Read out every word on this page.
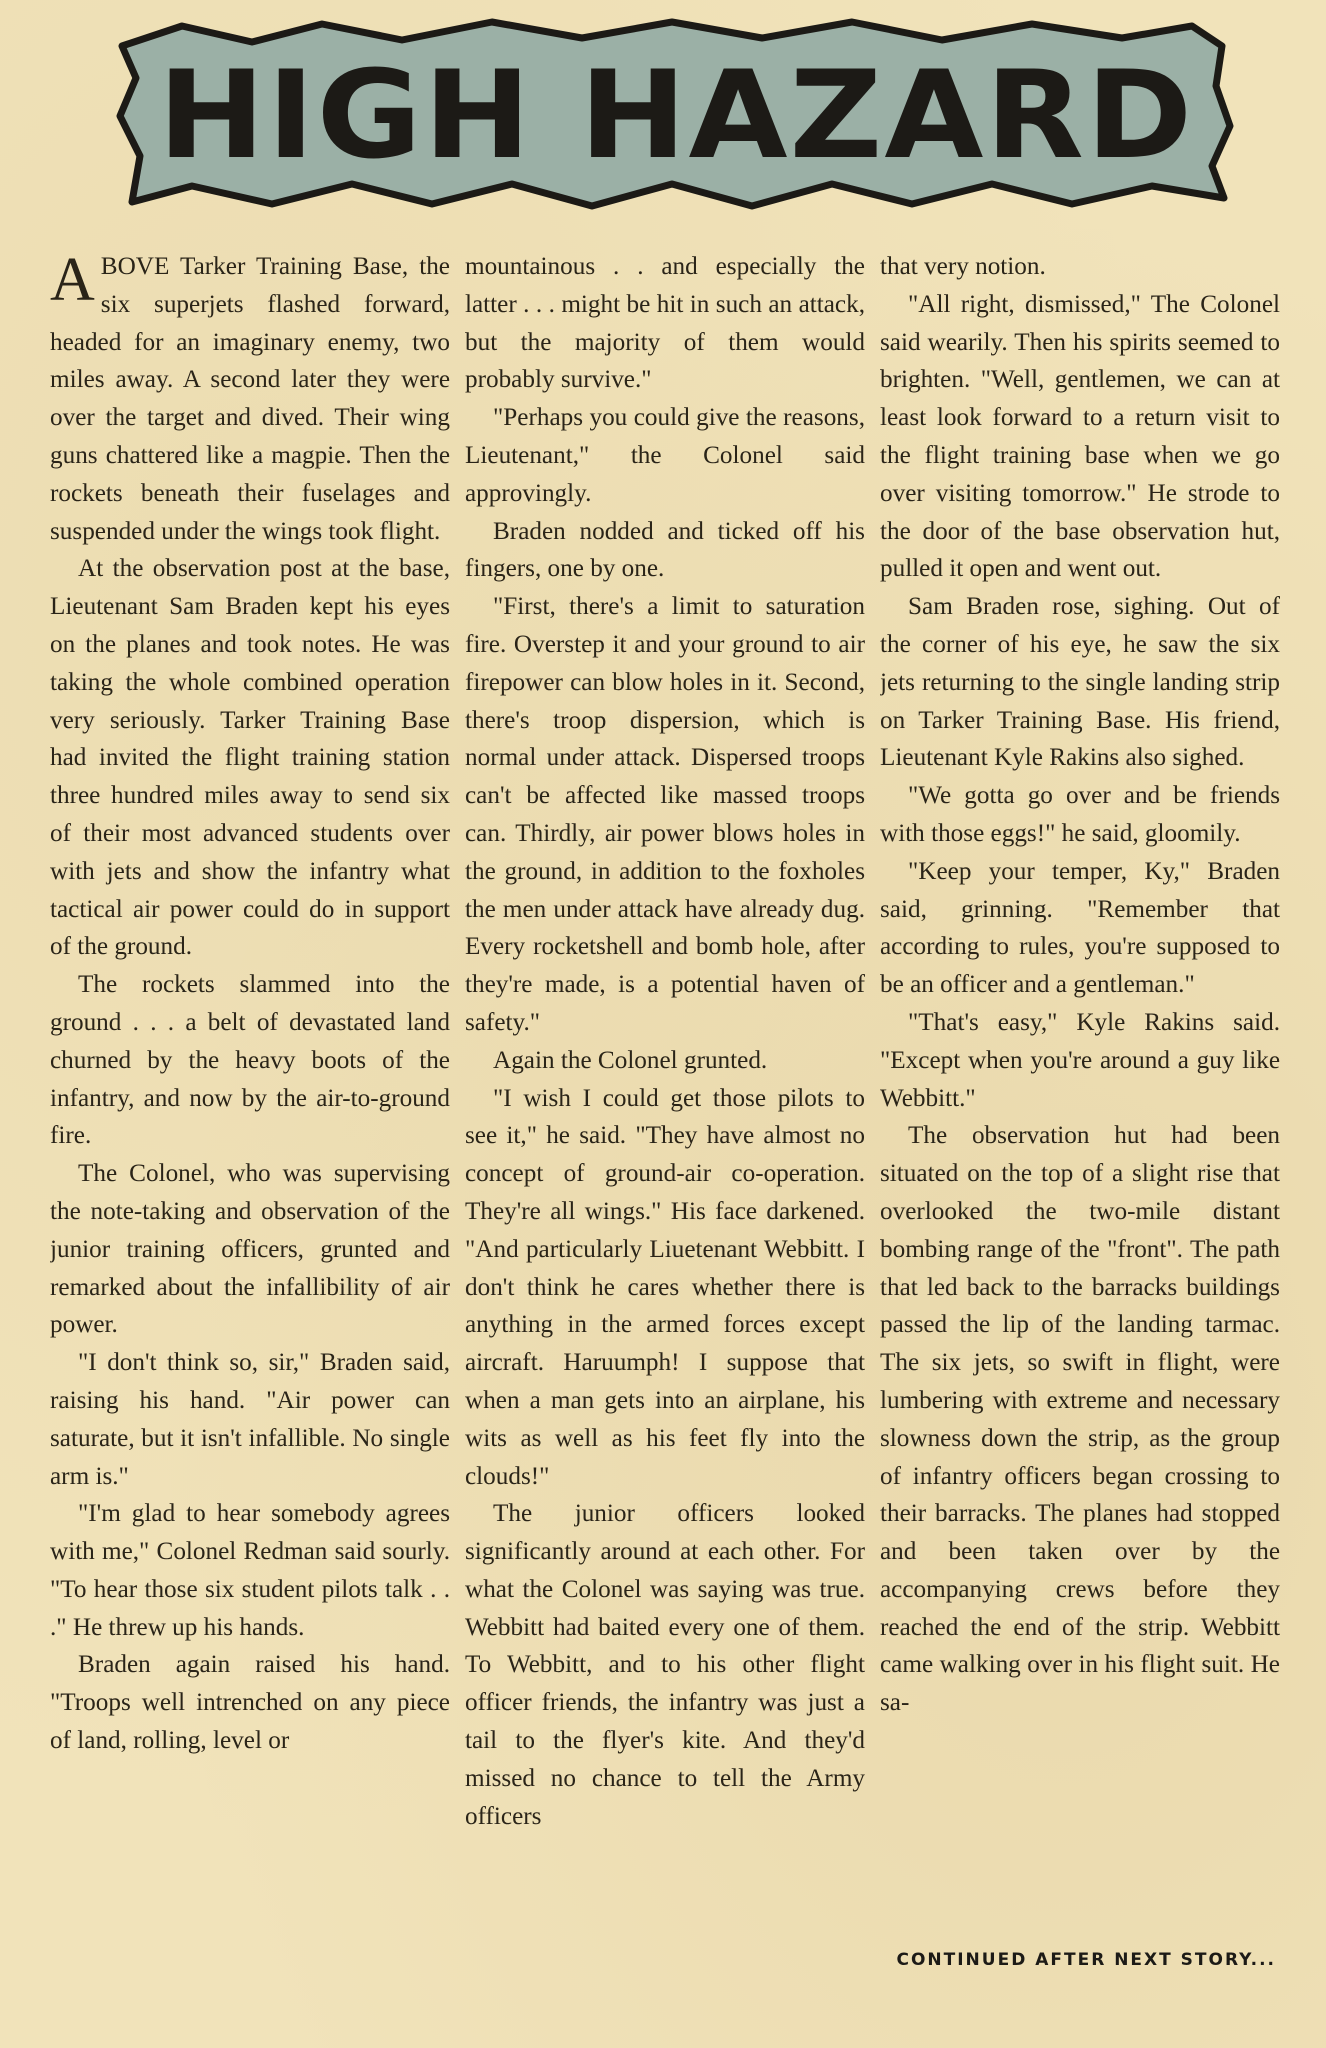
HIGH HAZARD

ABOVE Tarker Training Base, the six superjets flashed forward, headed for an imaginary enemy, two miles away. A second later they were over the target and dived. Their wing guns chattered like a magpie. Then the rockets beneath their fuselages and suspended under the wings took flight.

At the observation post at the base, Lieutenant Sam Braden kept his eyes on the planes and took notes. He was taking the whole combined operation very seriously. Tarker Training Base had invited the flight training station three hundred miles away to send six of their most advanced students over with jets and show the infantry what tactical air power could do in support of the ground.

The rockets slammed into the ground . . . a belt of devastated land churned by the heavy boots of the infantry, and now by the air-to-ground fire.

The Colonel, who was supervising the note-taking and observation of the junior training officers, grunted and remarked about the infallibility of air power.

"I don't think so, sir," Braden said, raising his hand. "Air power can saturate, but it isn't infallible. No single arm is."

"I'm glad to hear somebody agrees with me," Colonel Redman said sourly. "To hear those six student pilots talk . . ." He threw up his hands.

Braden again raised his hand. "Troops well intrenched on any piece of land, rolling, level or

mountainous . . and especially the latter . . . might be hit in such an attack, but the majority of them would probably survive."

"Perhaps you could give the reasons, Lieutenant," the Colonel said approvingly.

Braden nodded and ticked off his fingers, one by one.

"First, there's a limit to saturation fire. Overstep it and your ground to air firepower can blow holes in it. Second, there's troop dispersion, which is normal under attack. Dispersed troops can't be affected like massed troops can. Thirdly, air power blows holes in the ground, in addition to the foxholes the men under attack have already dug. Every rocketshell and bomb hole, after they're made, is a potential haven of safety."

Again the Colonel grunted.

"I wish I could get those pilots to see it," he said. "They have almost no concept of ground-air co-operation. They're all wings." His face darkened. "And particularly Liuetenant Webbitt. I don't think he cares whether there is anything in the armed forces except aircraft. Haruumph! I suppose that when a man gets into an airplane, his wits as well as his feet fly into the clouds!"

The junior officers looked significantly around at each other. For what the Colonel was saying was true. Webbitt had baited every one of them. To Webbitt, and to his other flight officer friends, the infantry was just a tail to the flyer's kite. And they'd missed no chance to tell the Army officers

that very notion.

"All right, dismissed," The Colonel said wearily. Then his spirits seemed to brighten. "Well, gentlemen, we can at least look forward to a return visit to the flight training base when we go over visiting tomorrow." He strode to the door of the base observation hut, pulled it open and went out.

Sam Braden rose, sighing. Out of the corner of his eye, he saw the six jets returning to the single landing strip on Tarker Training Base. His friend, Lieutenant Kyle Rakins also sighed.

"We gotta go over and be friends with those eggs!" he said, gloomily.

"Keep your temper, Ky," Braden said, grinning. "Remember that according to rules, you're supposed to be an officer and a gentleman."

"That's easy," Kyle Rakins said. "Except when you're around a guy like Webbitt."

The observation hut had been situated on the top of a slight rise that overlooked the two-mile distant bombing range of the "front". The path that led back to the barracks buildings passed the lip of the landing tarmac. The six jets, so swift in flight, were lumbering with extreme and necessary slowness down the strip, as the group of infantry officers began crossing to their barracks. The planes had stopped and been taken over by the accompanying crews before they reached the end of the strip. Webbitt came walking over in his flight suit. He sa-

CONTINUED AFTER NEXT STORY...
